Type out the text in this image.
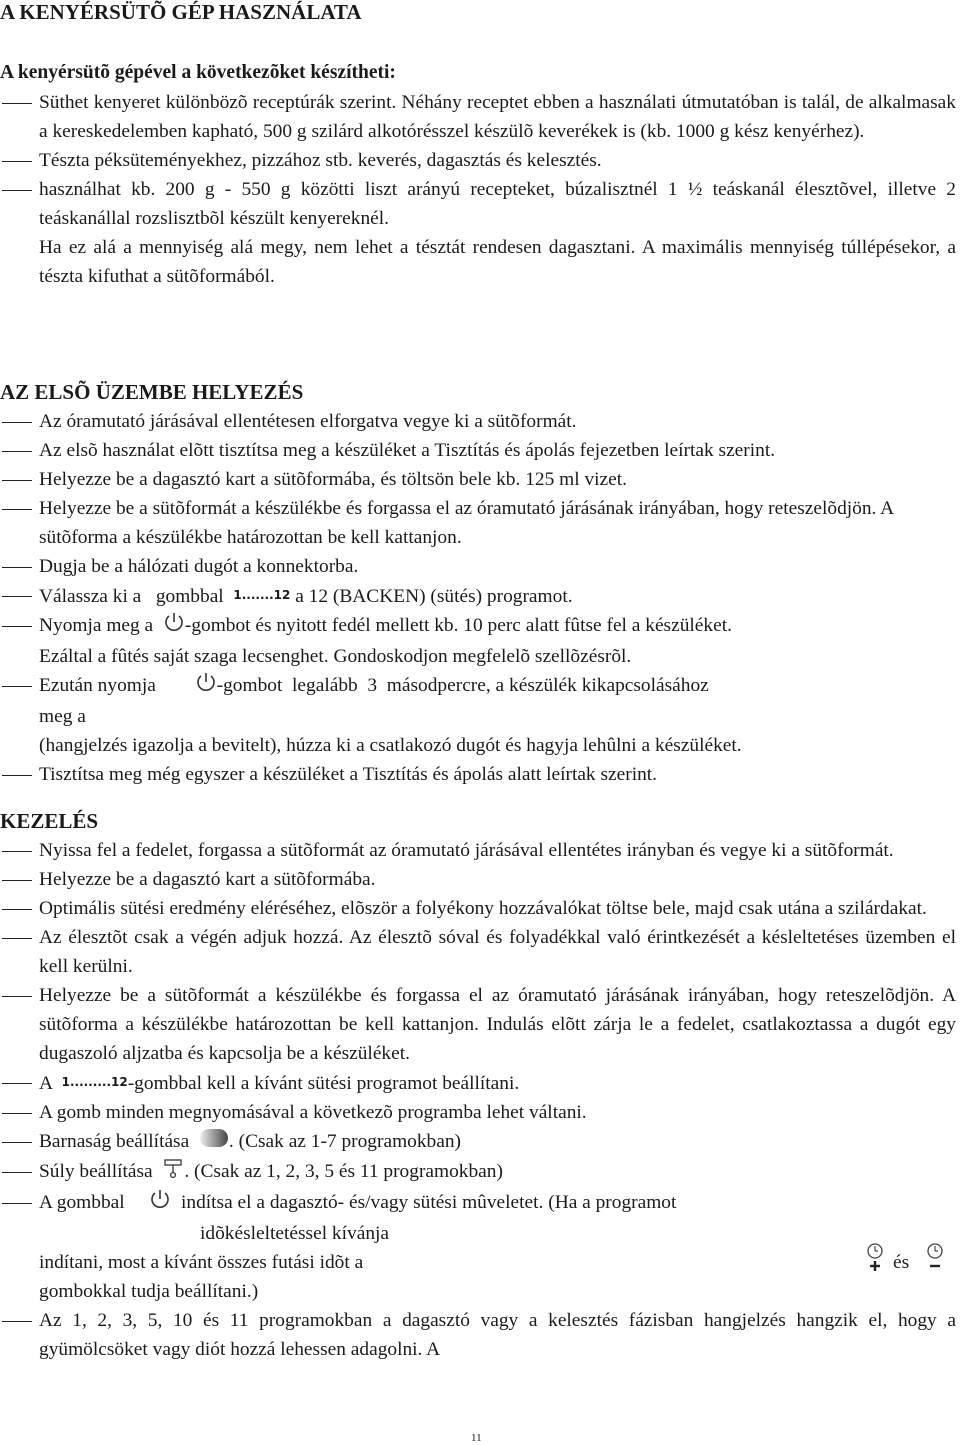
A KENYÉRSÜTÕ GÉP HASZNÁLATA
A kenyérsütõ gépével a következõket készítheti:
Süthet kenyeret különbözõ receptúrák szerint. Néhány receptet ebben a használati útmutatóban is talál, de alkalmasak a kereskedelemben kapható, 500 g szilárd alkotórésszel készülõ keverékek is (kb. 1000 g kész kenyérhez).
Tészta péksüteményekhez, pizzához stb. keverés, dagasztás és kelesztés.
használhat kb. 200 g - 550 g közötti liszt arányú recepteket, búzalisztnél 1 ½ teáskanál élesztõvel, illetve 2 teáskanállal rozslisztbõl készült kenyereknél.
Ha ez alá a mennyiség alá megy, nem lehet a tésztát rendesen dagasztani. A maximális mennyiség túllépésekor, a tészta kifuthat a sütõformából.
AZ ELSÕ ÜZEMBE HELYEZÉS
Az óramutató járásával ellentétesen elforgatva vegye ki a sütõformát.
Az elsõ használat elõtt tisztítsa meg a készüléket a Tisztítás és ápolás fejezetben leírtak szerint.
Helyezze be a dagasztó kart a sütõformába, és töltsön bele kb. 125 ml vizet.
Helyezze be a sütõformát a készülékbe és forgassa el az óramutató járásának irányában, hogy reteszelõdjön. A sütõforma a készülékbe határozottan be kell kattanjon.
Dugja be a hálózati dugót a konnektorba.
Válassza ki a   gombbal  1.......12 a 12 (BACKEN) (sütés) programot.
Nyomja meg a  -gombot és nyitott fedél mellett kb. 10 perc alatt fûtse fel a készüléket.
Ezáltal a fûtés saját szaga lecsenghet. Gondoskodjon megfelelõ szellõzésrõl.
Ezután nyomja        -gombot  legalább  3  másodpercre, a készülék kikapcsolásához
meg a
(hangjelzés igazolja a bevitelt), húzza ki a csatlakozó dugót és hagyja lehûlni a készüléket.
Tisztítsa meg még egyszer a készüléket a Tisztítás és ápolás alatt leírtak szerint.
KEZELÉS
Nyissa fel a fedelet, forgassa a sütõformát az óramutató járásával ellentétes irányban és vegye ki a sütõformát.
Helyezze be a dagasztó kart a sütõformába.
Optimális sütési eredmény eléréséhez, elõször a folyékony hozzávalókat töltse bele, majd csak utána a szilárdakat.
Az élesztõt csak a végén adjuk hozzá. Az élesztõ sóval és folyadékkal való érintkezését a késleltetéses üzemben el kell kerülni.
Helyezze be a sütõformát a készülékbe és forgassa el az óramutató járásának irányában, hogy reteszelõdjön. A sütõforma a készülékbe határozottan be kell kattanjon. Indulás elõtt zárja le a fedelet, csatlakoztassa a dugót egy dugaszoló aljzatba és kapcsolja be a készüléket.
A  1.........12-gombbal kell a kívánt sütési programot beállítani.
A gomb minden megnyomásával a következõ programba lehet váltani.
Barnaság beállítása  . (Csak az 1-7 programokban)
Súly beállítása  . (Csak az 1, 2, 3, 5 és 11 programokban)
A gombbal	indítsa el a dagasztó- és/vagy sütési mûveletet. (Ha a programot
idõkésleltetéssel kívánja
indítani, most a kívánt összes futási idõt a	és
gombokkal tudja beállítani.)
Az 1, 2, 3, 5, 10 és 11 programokban a dagasztó vagy a kelesztés fázisban hangjelzés hangzik el, hogy a gyümölcsöket vagy diót hozzá lehessen adagolni. A
11
